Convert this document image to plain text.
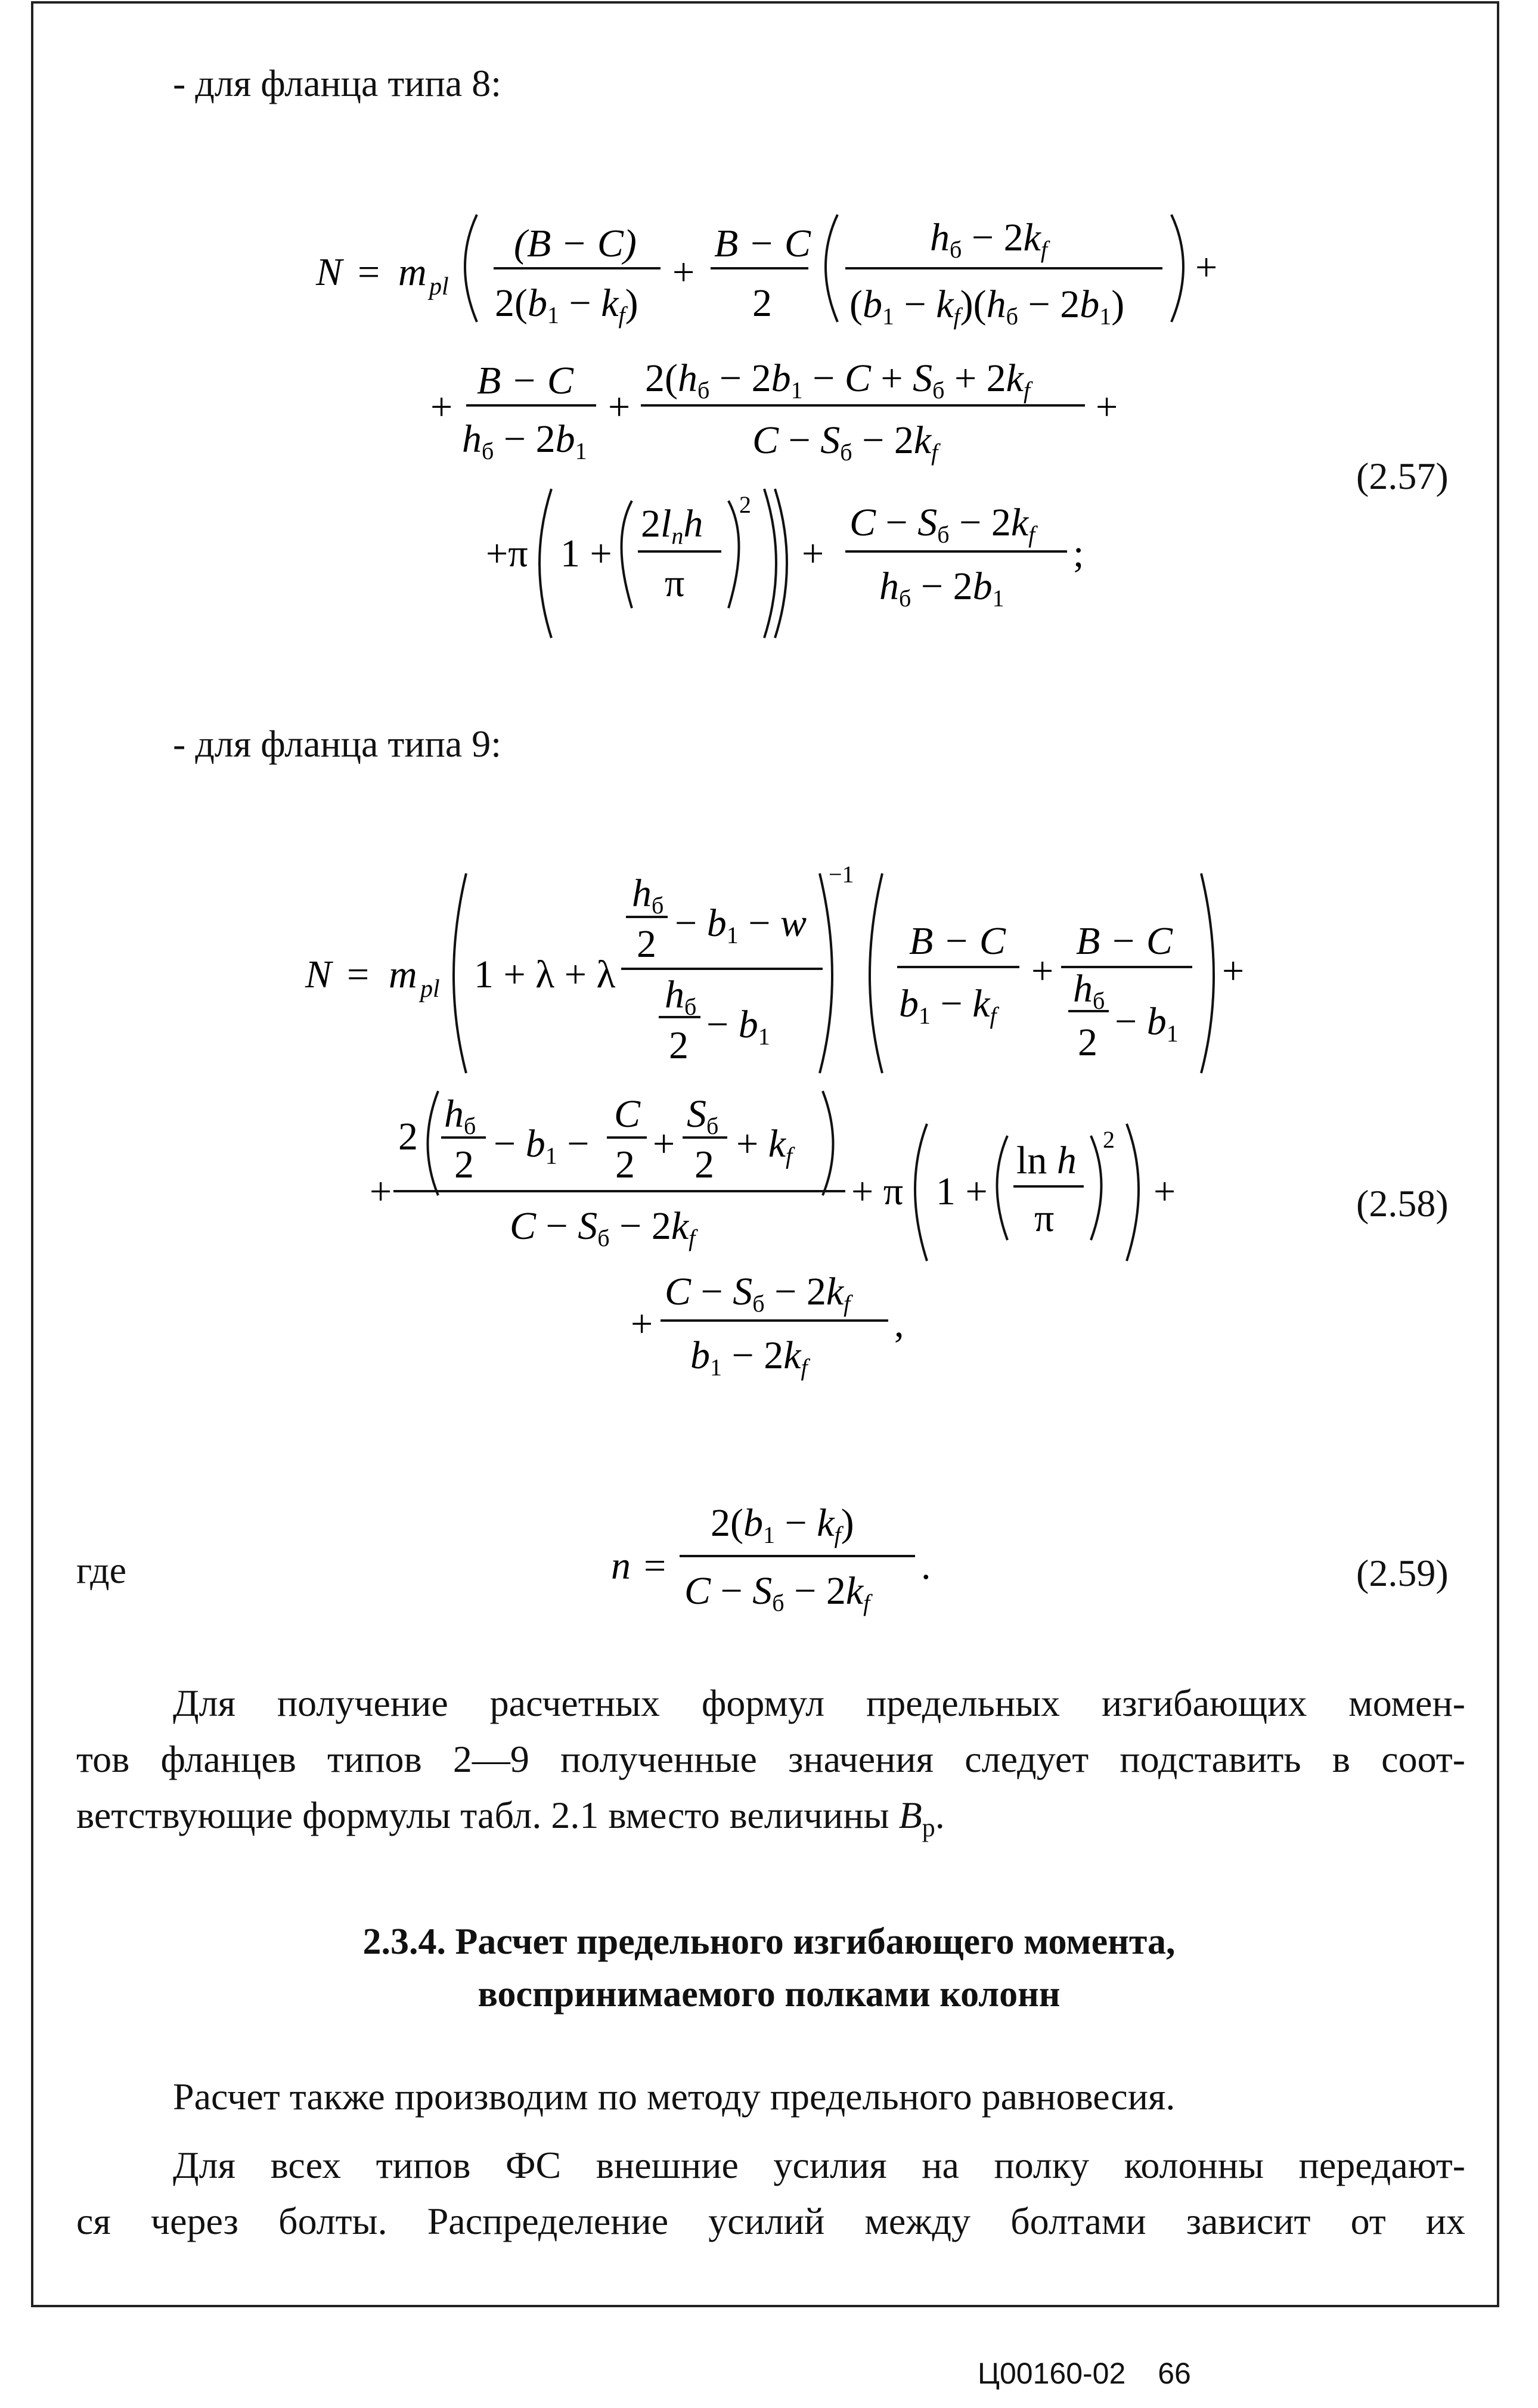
- для фланца типа 8:
N = m pl
(B − C)
2(b1 − kf)
+
B − C
2
hб − 2kf
(b1 − kf)(hб − 2b1)
+
+
B − C
hб − 2b1
+
2(hб − 2b1 − C + Sб + 2kf
C − Sб − 2kf
+
+π 1 +
2lnh
π
2
+
C − Sб − 2kf
hб − 2b1
;
(2.57)
- для фланца типа 9:
N = m pl 1 + λ + λ
hб
2 − b1 − w
hб
2 − b1
−1
B − C
b1 − kf
+
B − C
hб
2 − b1
+
+
2
hб
2 − b1 −
C
2 +
Sб
2 + kf
C − Sб − 2kf
+ π 1 +
ln h
π
2
+
+
C − Sб − 2kf
b1 − 2kf
,
(2.58)
где	n =
2(b1 − kf)
C − Sб − 2kf
.	(2.59)
Для получение расчетных формул предельных изгибающих момен-
тов фланцев типов 2—9 полученные значения следует подставить в соот-
ветствующие формулы табл. 2.1 вместо величины $B_р$.
2.3.4. Расчет предельного изгибающего момента,
воспринимаемого полками колонн
Расчет также производим по методу предельного равновесия.
Для всех типов ФС внешние усилия на полку колонны передают-
ся через болты. Распределение усилий между болтами зависит от их
Ц00160-02 66
